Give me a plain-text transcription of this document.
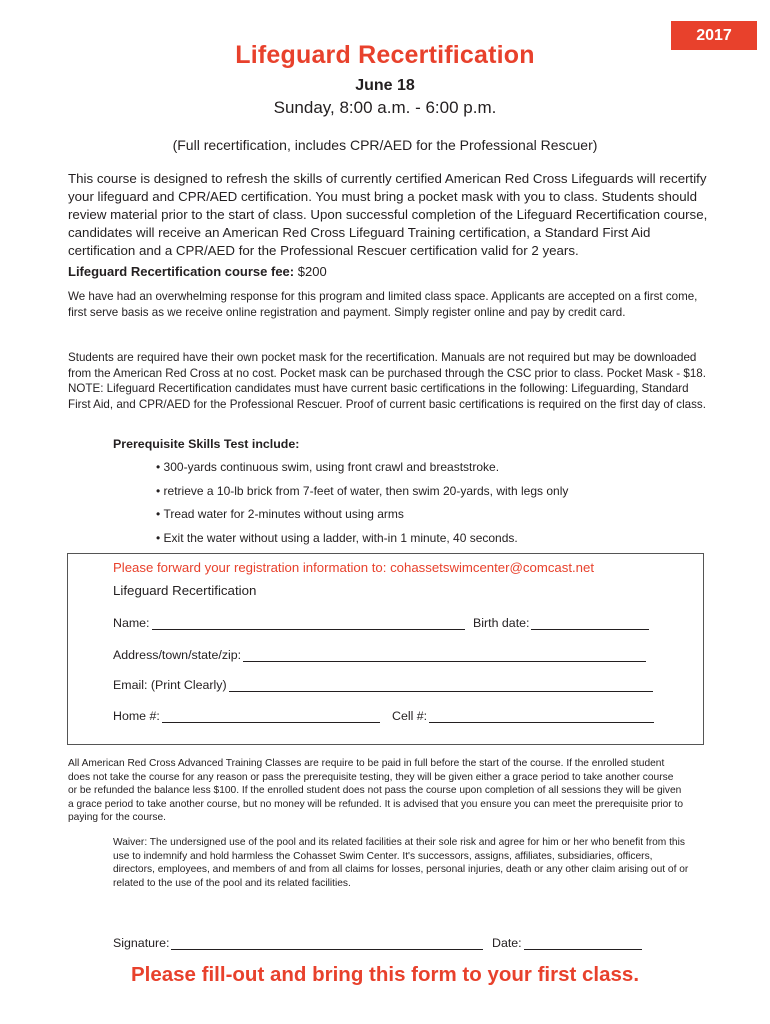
2017
Lifeguard Recertification
June 18
Sunday, 8:00 a.m. - 6:00 p.m.
(Full recertification, includes CPR/AED for the Professional Rescuer)

This course is designed to refresh the skills of currently certified American Red Cross Lifeguards will recertify your lifeguard and CPR/AED certification. You must bring a pocket mask with you to class. Students should review material prior to the start of class. Upon successful completion of the Lifeguard Recertification course, candidates will receive an American Red Cross Lifeguard Training certification, a Standard First Aid certification and a CPR/AED for the Professional Rescuer certification valid for 2 years.

Lifeguard Recertification course fee: $200

We have had an overwhelming response for this program and limited class space. Applicants are accepted on a first come, first serve basis as we receive online registration and payment. Simply register online and pay by credit card.

Students are required have their own pocket mask for the recertification. Manuals are not required but may be downloaded from the American Red Cross at no cost. Pocket mask can be purchased through the CSC prior to class. Pocket Mask - $18. NOTE: Lifeguard Recertification candidates must have current basic certifications in the following: Lifeguarding, Standard First Aid, and CPR/AED for the Professional Rescuer. Proof of current basic certifications is required on the first day of class.

Prerequisite Skills Test include:
• 300-yards continuous swim, using front crawl and breaststroke.
• retrieve a 10-lb brick from 7-feet of water, then swim 20-yards, with legs only
• Tread water for 2-minutes without using arms
• Exit the water without using a ladder, with-in 1 minute, 40 seconds.
Please forward your registration information to: cohassetswimcenter@comcast.net
Lifeguard Recertification
Name:	Birth date:
Address/town/state/zip:
Email: (Print Clearly)
Home #:	Cell #:

All American Red Cross Advanced Training Classes are require to be paid in full before the start of the course. If the enrolled student does not take the course for any reason or pass the prerequisite testing, they will be given either a grace period to take another course or be refunded the balance less $100. If the enrolled student does not pass the course upon completion of all sessions they will be given a grace period to take another course, but no money will be refunded. It is advised that you ensure you can meet the prerequisite prior to paying for the course.

Waiver: The undersigned use of the pool and its related facilities at their sole risk and agree for him or her who benefit from this use to indemnify and hold harmless the Cohasset Swim Center. It's successors, assigns, affiliates, subsidiaries, officers, directors, employees, and members of and from all claims for losses, personal injuries, death or any other claim arising out of or related to the use of the pool and its related facilities.

Signature:	Date:
Please fill-out and bring this form to your first class.
